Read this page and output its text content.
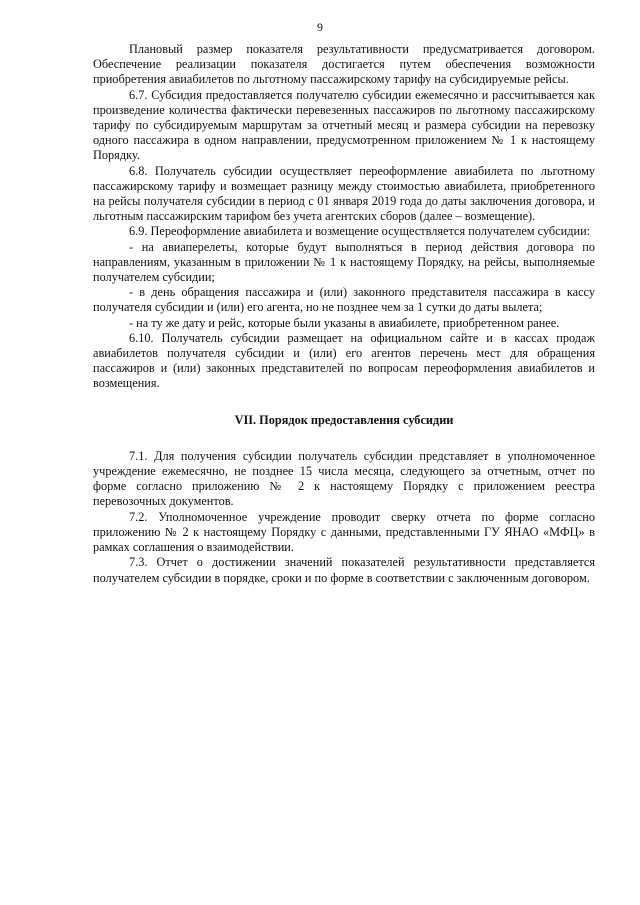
9

Плановый размер показателя результативности предусматривается договором. Обеспечение реализации показателя достигается путем обеспечения возможности приобретения авиабилетов по льготному пассажирскому тарифу на субсидируемые рейсы.

6.7. Субсидия предоставляется получателю субсидии ежемесячно и рассчитывается как произведение количества фактически перевезенных пассажиров по льготному пассажирскому тарифу по субсидируемым маршрутам за отчетный месяц и размера субсидии на перевозку одного пассажира в одном направлении, предусмотренном приложением № 1 к настоящему Порядку.

6.8. Получатель субсидии осуществляет переоформление авиабилета по льготному пассажирскому тарифу и возмещает разницу между стоимостью авиабилета, приобретенного на рейсы получателя субсидии в период с 01 января 2019 года до даты заключения договора, и льготным пассажирским тарифом без учета агентских сборов (далее – возмещение).

6.9. Переоформление авиабилета и возмещение осуществляется получателем субсидии:

- на авиаперелеты, которые будут выполняться в период действия договора по направлениям, указанным в приложении № 1 к настоящему Порядку, на рейсы, выполняемые получателем субсидии;

- в день обращения пассажира и (или) законного представителя пассажира в кассу получателя субсидии и (или) его агента, но не позднее чем за 1 сутки до даты вылета;

- на ту же дату и рейс, которые были указаны в авиабилете, приобретенном ранее.

6.10. Получатель субсидии размещает на официальном сайте и в кассах продаж авиабилетов получателя субсидии и (или) его агентов перечень мест для обращения пассажиров и (или) законных представителей по вопросам переоформления авиабилетов и возмещения.

VII. Порядок предоставления субсидии

7.1. Для получения субсидии получатель субсидии представляет в уполномоченное учреждение ежемесячно, не позднее 15 числа месяца, следующего за отчетным, отчет по форме согласно приложению № 2 к настоящему Порядку с приложением реестра перевозочных документов.

7.2. Уполномоченное учреждение проводит сверку отчета по форме согласно приложению № 2 к настоящему Порядку с данными, представленными ГУ ЯНАО «МФЦ» в рамках соглашения о взаимодействии.

7.3. Отчет о достижении значений показателей результативности представляется получателем субсидии в порядке, сроки и по форме в соответствии с заключенным договором.
